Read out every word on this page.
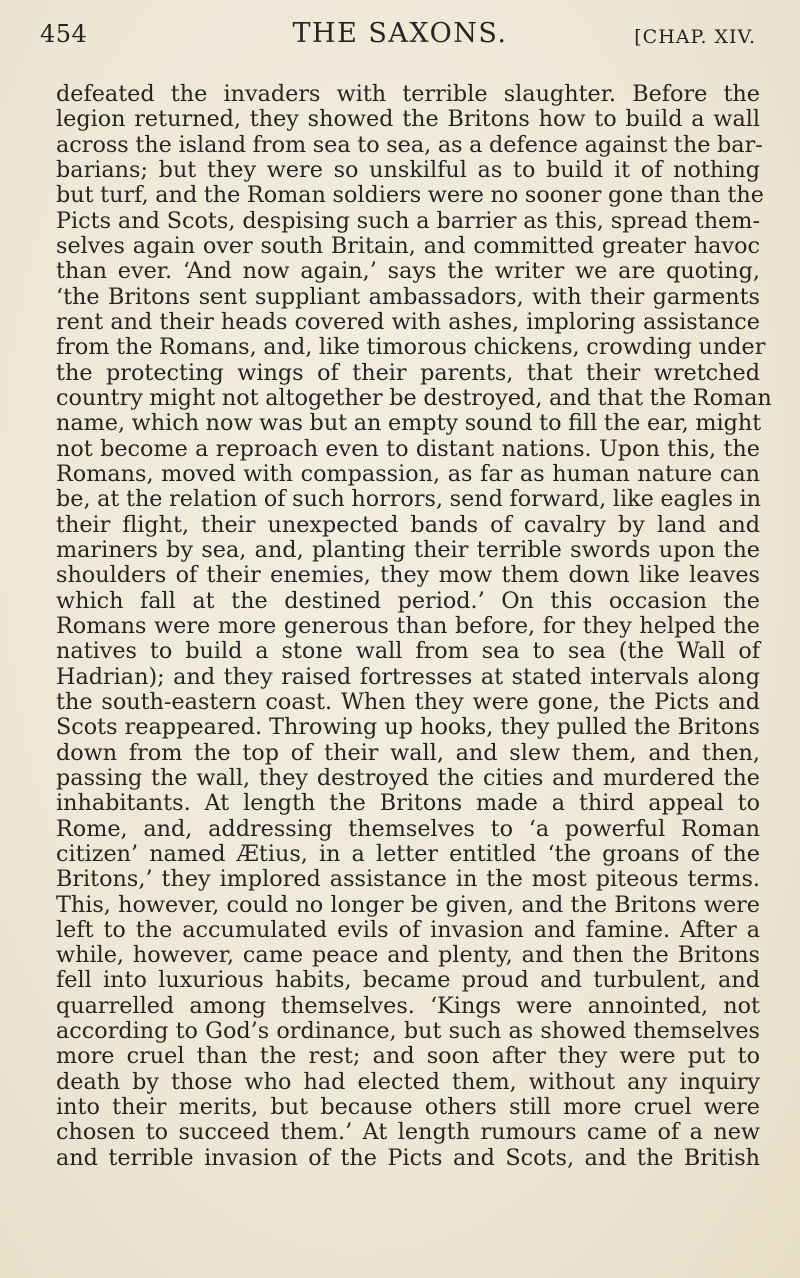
454	THE SAXONS.	[CHAP. XIV.
defeated the invaders with terrible slaughter. Before the
legion returned, they showed the Britons how to build a wall
across the island from sea to sea, as a defence against the bar-
barians; but they were so unskilful as to build it of nothing
but turf, and the Roman soldiers were no sooner gone than the
Picts and Scots, despising such a barrier as this, spread them-
selves again over south Britain, and committed greater havoc
than ever. ‘And now again,’ says the writer we are quoting,
‘the Britons sent suppliant ambassadors, with their garments
rent and their heads covered with ashes, imploring assistance
from the Romans, and, like timorous chickens, crowding under
the protecting wings of their parents, that their wretched
country might not altogether be destroyed, and that the Roman
name, which now was but an empty sound to fill the ear, might
not become a reproach even to distant nations. Upon this, the
Romans, moved with compassion, as far as human nature can
be, at the relation of such horrors, send forward, like eagles in
their flight, their unexpected bands of cavalry by land and
mariners by sea, and, planting their terrible swords upon the
shoulders of their enemies, they mow them down like leaves
which fall at the destined period.’ On this occasion the
Romans were more generous than before, for they helped the
natives to build a stone wall from sea to sea (the Wall of
Hadrian); and they raised fortresses at stated intervals along
the south-eastern coast. When they were gone, the Picts and
Scots reappeared. Throwing up hooks, they pulled the Britons
down from the top of their wall, and slew them, and then,
passing the wall, they destroyed the cities and murdered the
inhabitants. At length the Britons made a third appeal to
Rome, and, addressing themselves to ‘a powerful Roman
citizen’ named Ætius, in a letter entitled ‘the groans of the
Britons,’ they implored assistance in the most piteous terms.
This, however, could no longer be given, and the Britons were
left to the accumulated evils of invasion and famine. After a
while, however, came peace and plenty, and then the Britons
fell into luxurious habits, became proud and turbulent, and
quarrelled among themselves. ‘Kings were annointed, not
according to God’s ordinance, but such as showed themselves
more cruel than the rest; and soon after they were put to
death by those who had elected them, without any inquiry
into their merits, but because others still more cruel were
chosen to succeed them.’ At length rumours came of a new
and terrible invasion of the Picts and Scots, and the British
